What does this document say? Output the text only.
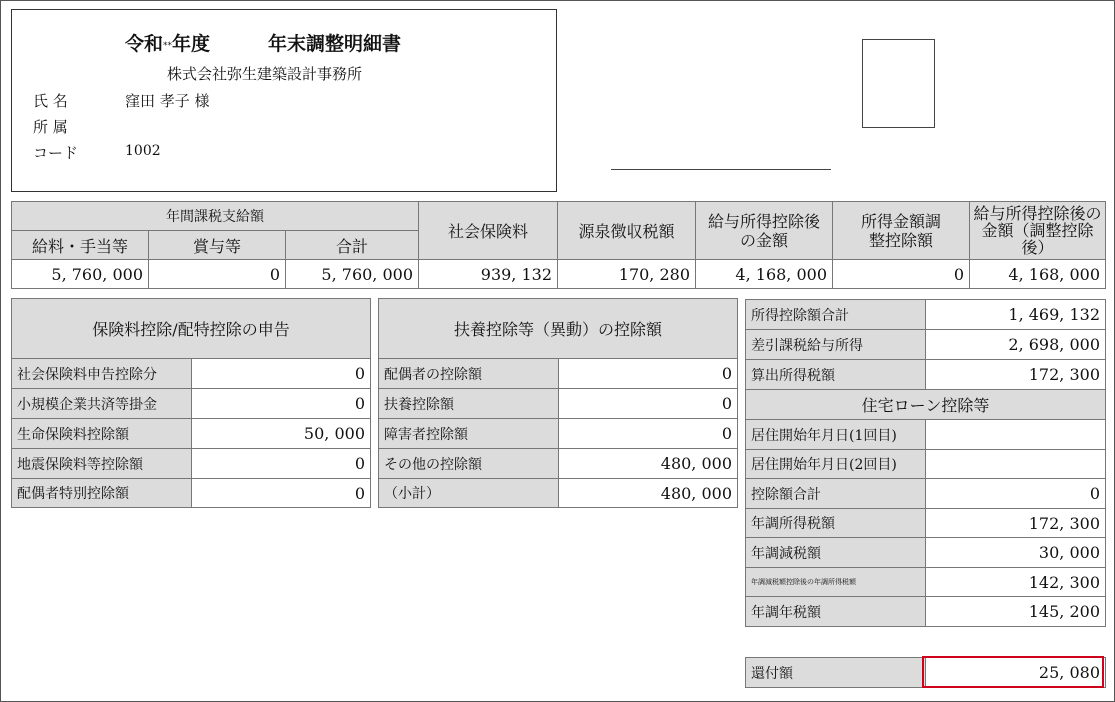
令和**年度	年末調整明細書
株式会社弥生建築設計事務所
氏 名	窪田 孝子 様
所 属
コード	1002
年間課税支給額			社会保険料	源泉徴収税額	給与所得控除後の金額	所得金額調整控除額	給与所得控除後の金額（調整控除後）
給料・手当等	賞与等	合計					
5, 760, 000	0	5, 760, 000	939, 132	170, 280	4, 168, 000	0	4, 168, 000
保険料控除/配特控除の申告	
社会保険料申告控除分	0
小規模企業共済等掛金	0
生命保険料控除額	50, 000
地震保険料等控除額	0
配偶者特別控除額	0
扶養控除等（異動）の控除額	
配偶者の控除額	0
扶養控除額	0
障害者控除額	0
その他の控除額	480, 000
（小計）	480, 000
所得控除額合計	1, 469, 132
差引課税給与所得	2, 698, 000
算出所得税額	172, 300
住宅ローン控除等	
居住開始年月日(1回目)	
居住開始年月日(2回目)	
控除額合計	0
年調所得税額	172, 300
年調減税額	30, 000
年調減税額控除後の年調所得税額	142, 300
年調年税額	145, 200
還付額	25, 080
